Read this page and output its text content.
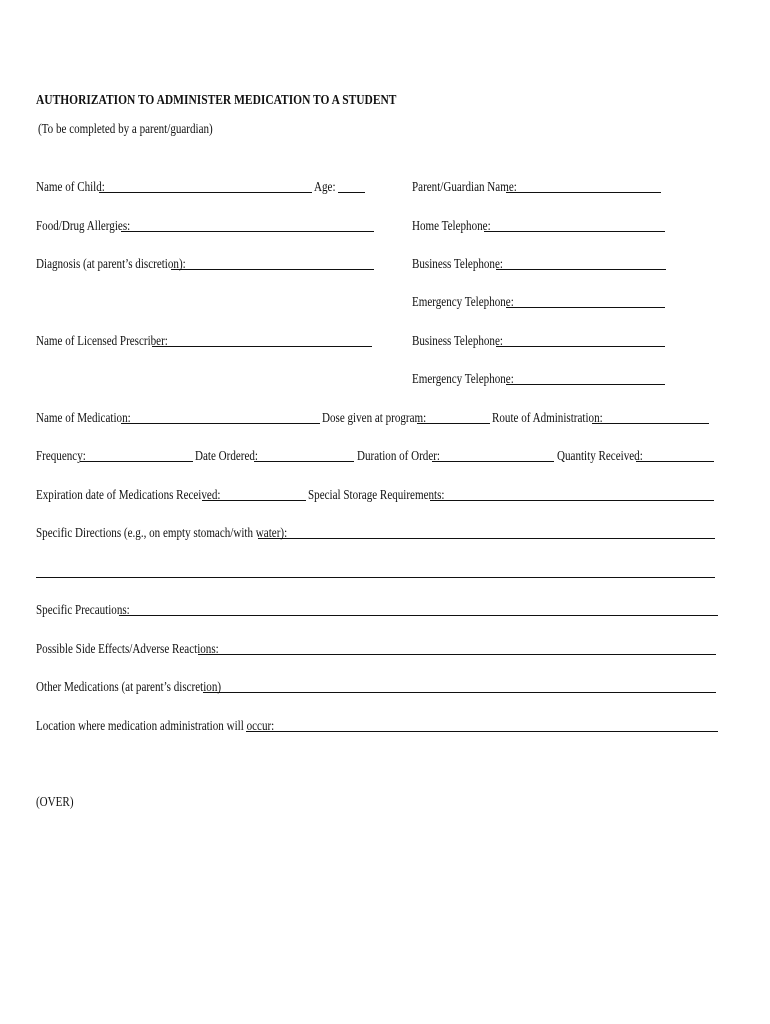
AUTHORIZATION TO ADMINISTER MEDICATION TO A STUDENT
(To be completed by a parent/guardian)
Name of Child:	Age:	Parent/Guardian Name:
Food/Drug Allergies:	Home Telephone:
Diagnosis (at parent’s discretion):	Business Telephone:
Emergency Telephone:
Name of Licensed Prescriber:	Business Telephone:
Emergency Telephone:
Name of Medication:	Dose given at program:	Route of Administration:
Frequency:	Date Ordered:	Duration of Order:	Quantity Received:
Expiration date of Medications Received:	Special Storage Requirements:
Specific Directions (e.g., on empty stomach/with water):
Specific Precautions:
Possible Side Effects/Adverse Reactions:
Other Medications (at parent’s discretion)
Location where medication administration will occur:
(OVER)
